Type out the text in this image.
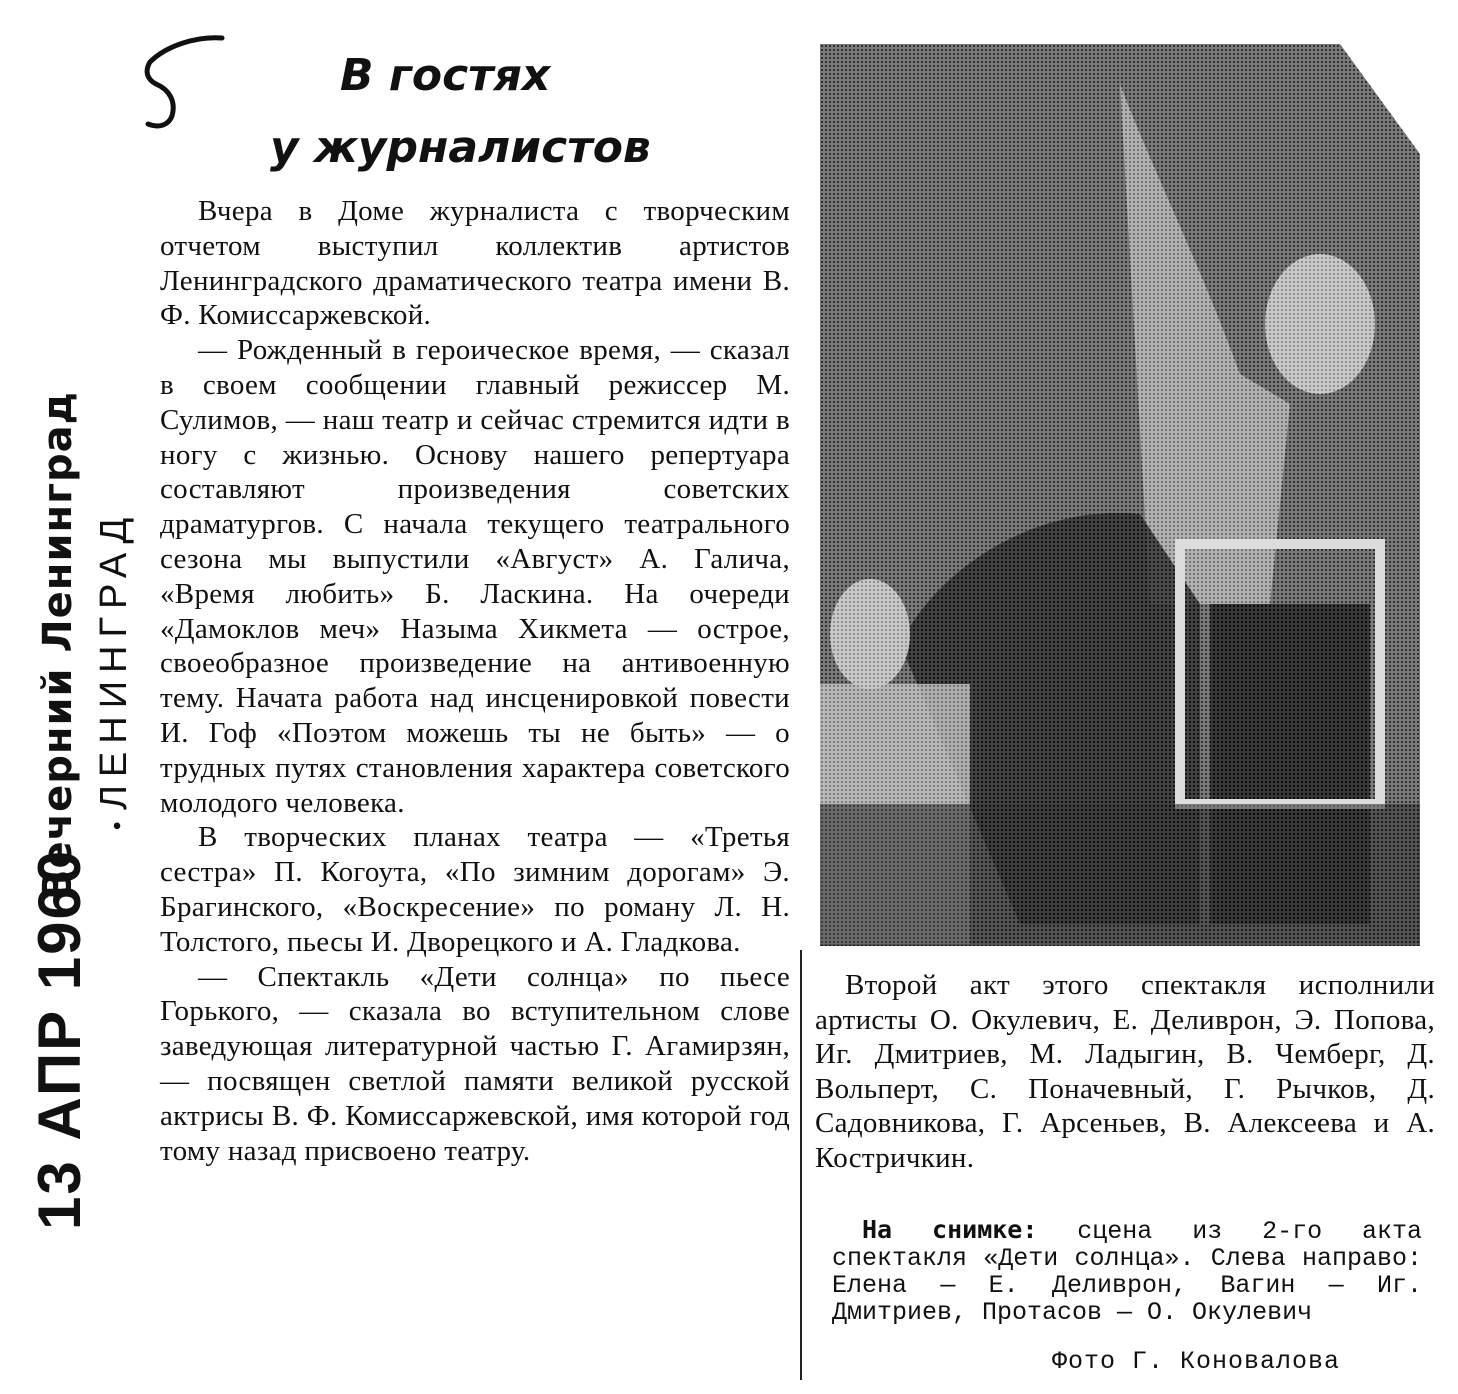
13 АПР 1960
Вечерний Ленинград •
ЛЕНИНГРАД
В гостях
у журналистов

Вчера в Доме журналиста с творческим отчетом выступил коллектив артистов Ленинградского драматического театра имени В. Ф. Комиссаржевской.

— Рожденный в героическое время, — сказал в своем сообщении главный режиссер М. Сулимов, — наш театр и сейчас стремится идти в ногу с жизнью. Основу нашего репертуара составляют произведения советских драматургов. С начала текущего театрального сезона мы выпустили «Август» А. Галича, «Время любить» Б. Ласкина. На очереди «Дамоклов меч» Назыма Хикмета — острое, своеобразное произведение на антивоенную тему. Начата работа над инсценировкой повести И. Гоф «Поэтом можешь ты не быть» — о трудных путях становления характера советского молодого человека.

В творческих планах театра — «Третья сестра» П. Когоута, «По зимним дорогам» Э. Брагинского, «Воскресение» по роману Л. Н. Толстого, пьесы И. Дворецкого и А. Гладкова.

— Спектакль «Дети солнца» по пьесе Горького, — сказала во вступительном слове заведующая литературной частью Г. Агамирзян, — посвящен светлой памяти великой русской актрисы В. Ф. Комиссаржевской, имя которой год тому назад присвоено театру.

Второй акт этого спектакля исполнили артисты О. Окулевич, Е. Деливрон, Э. Попова, Иг. Дмитриев, М. Ладыгин, В. Чемберг, Д. Вольперт, С. Поначевный, Г. Рычков, Д. Садовникова, Г. Арсеньев, В. Алексеева и А. Костричкин.

На снимке: сцена из 2-го акта спектакля «Дети солнца». Слева направо: Елена — Е. Деливрон, Вагин — Иг. Дмитриев, Протасов — О. Окулевич

Фото Г. Коновалова
